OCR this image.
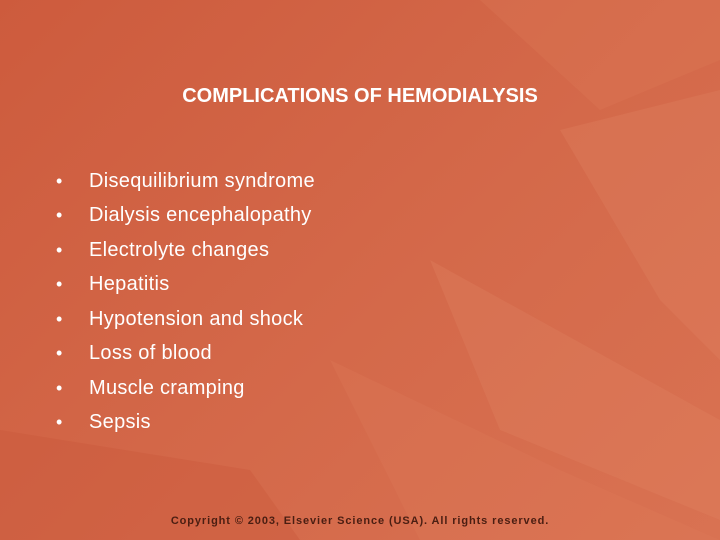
COMPLICATIONS OF HEMODIALYSIS
•	Disequilibrium syndrome
•	Dialysis encephalopathy
•	Electrolyte changes
•	Hepatitis
•	Hypotension and shock
•	Loss of blood
•	Muscle cramping
•	Sepsis

Copyright © 2003, Elsevier Science (USA). All rights reserved.
